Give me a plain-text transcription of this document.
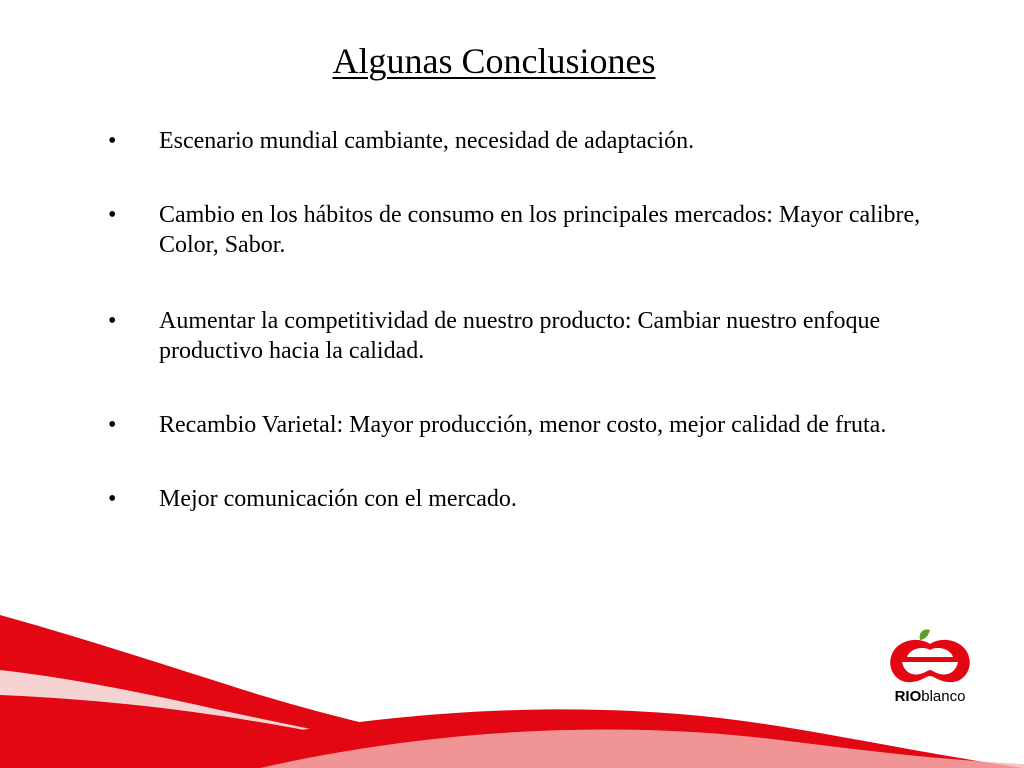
Algunas Conclusiones
• Escenario mundial cambiante, necesidad de adaptación.
• Cambio en los hábitos de consumo en los principales mercados: Mayor calibre, Color, Sabor.
• Aumentar la competitividad de nuestro producto: Cambiar nuestro enfoque productivo hacia la calidad.
• Recambio Varietal: Mayor producción, menor costo, mejor calidad de fruta.
• Mejor comunicación con el mercado.
RIOblanco
